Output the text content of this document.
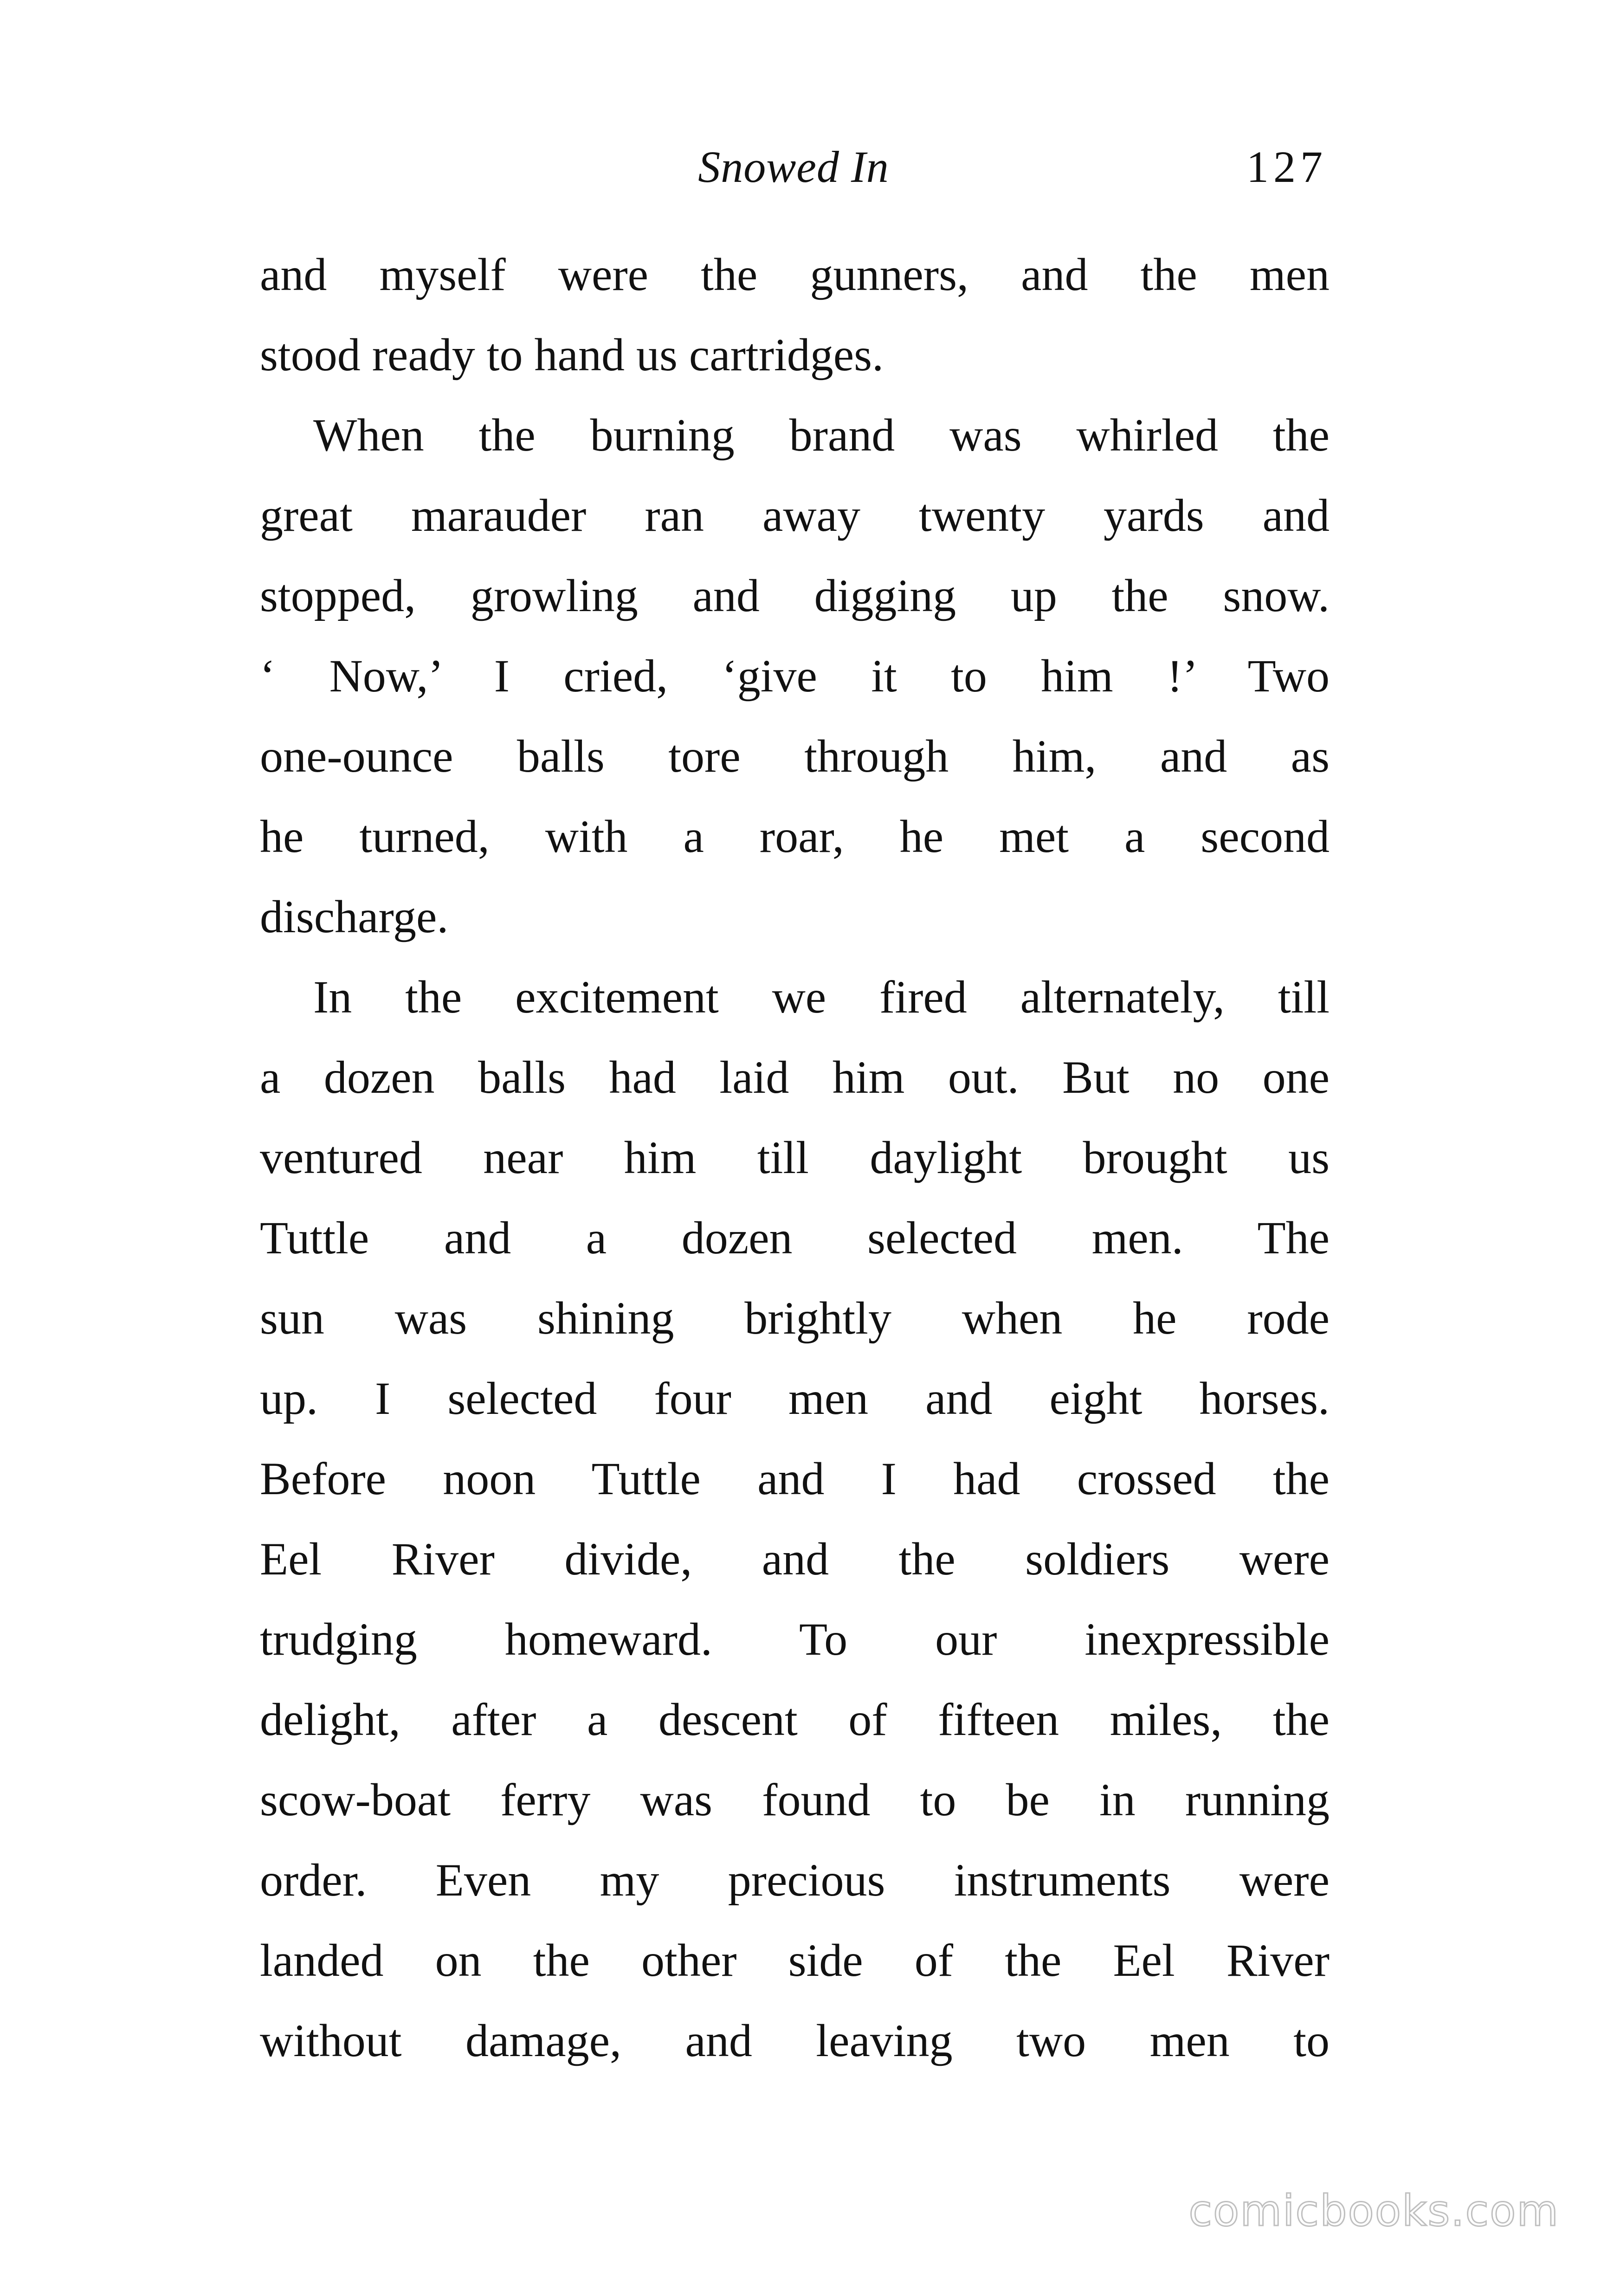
Snowed In	127
and myself were the gunners, and the men
stood ready to hand us cartridges.
When the burning brand was whirled the
great marauder ran away twenty yards and
stopped, growling and digging up the snow.
‘ Now,’ I cried, ‘give it to him !’ Two
one-ounce balls tore through him, and as
he turned, with a roar, he met a second
discharge.
In the excitement we fired alternately, till
a dozen balls had laid him out. But no one
ventured near him till daylight brought us
Tuttle and a dozen selected men. The
sun was shining brightly when he rode
up. I selected four men and eight horses.
Before noon Tuttle and I had crossed the
Eel River divide, and the soldiers were
trudging homeward. To our inexpressible
delight, after a descent of fifteen miles, the
scow-boat ferry was found to be in running
order. Even my precious instruments were
landed on the other side of the Eel River
without damage, and leaving two men to
comicbooks.com
